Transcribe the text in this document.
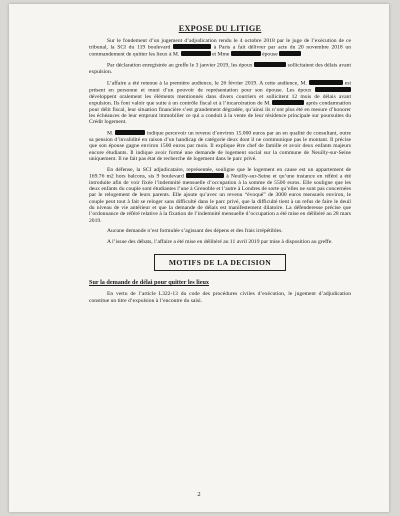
EXPOSE DU LITIGE

Sur le fondement d’un jugement d’adjudication rendu le 4 octobre 2018 par le juge de l’exécution de ce tribunal, la SCI du 119 boulevard	à Paris a fait délivrer par acte du 20 novembre 2018 un commandement de quitter les lieux à M.	et Mme	épouse

Par déclaration enregistrée au greffe le 3 janvier 2019, les époux	sollicitaient des délais avant expulsion.

L’affaire a été retenue à la première audience, le 26 février 2019. A cette audience, M.	est présent en personne et muni d’un pouvoir de représentation pour son épouse. Les époux  développent oralement les éléments mentionnés dans divers courriers et sollicitent 12 mois de délais avant expulsion. Ils font valoir que suite à un contrôle fiscal et à l’incarcération de M.	après condamnation pour délit fiscal, leur situation financière s’est grandement dégradée, qu’ainsi ils n’ont plus été en mesure d’honorer les échéances de leur emprunt immobilier ce qui a conduit à la vente de leur résidence principale sur poursuites du Crédit logement.

M.	indique percevoir un revenu d’environ 15.000 euros par an en qualité de consultant, outre sa pension d’invalidité en raison d’un handicap de catégorie deux dont il ne communique pas le montant. Il précise que son épouse gagne environ 1500 euros par mois. Il explique être chef de famille et avoir deux enfants majeurs encore étudiants. Il indique avoir formé une demande de logement social sur la commune de Neuilly-sur-Seine uniquement. Il ne fait pas état de recherche de logement dans le parc privé.

En défense, la SCI adjudicataire, représentée, souligne que le logement en cause est un appartement de 169.76 m2 hors balcons, sis 9 boulevard	à Neuilly-sur-Seine et qu’une instance en référé a été introduite afin de voir fixée l’indemnité mensuelle d’occupation à la somme de 5500 euros. Elle souligne que les deux enfants du couple sont étudiantes l’une à Grenoble et l’autre à Londres de sorte qu’elles ne sont pas concernées par le relogement de leurs parents. Elle ajoute qu’avec un revenu “évoqué” de 3000 euros mensuels environ, le couple peut tout à fait se reloger sans difficulté dans le parc privé, que la difficulté tient à un refus de faire le deuil du niveau de vie antérieur et que la demande de délais est manifestement dilatoire. La défenderesse précise que l’ordonnance de référé relative à la fixation de l’indemnité mensuelle d’occupation a été mise en délibéré au 28 mars 2019.

Aucune demande n’est formulée s’agissant des dépens et des frais irrépétibles.

A l’issue des débats, l’affaire a été mise en délibéré au 11 avril 2019 par mise à disposition au greffe.

MOTIFS DE LA DECISION
Sur la demande de délai pour quitter les lieux

En vertu de l’article L322-13 du code des procédures civiles d’exécution, le jugement d’adjudication constitue un titre d’expulsion à l’encontre du saisi.

2
